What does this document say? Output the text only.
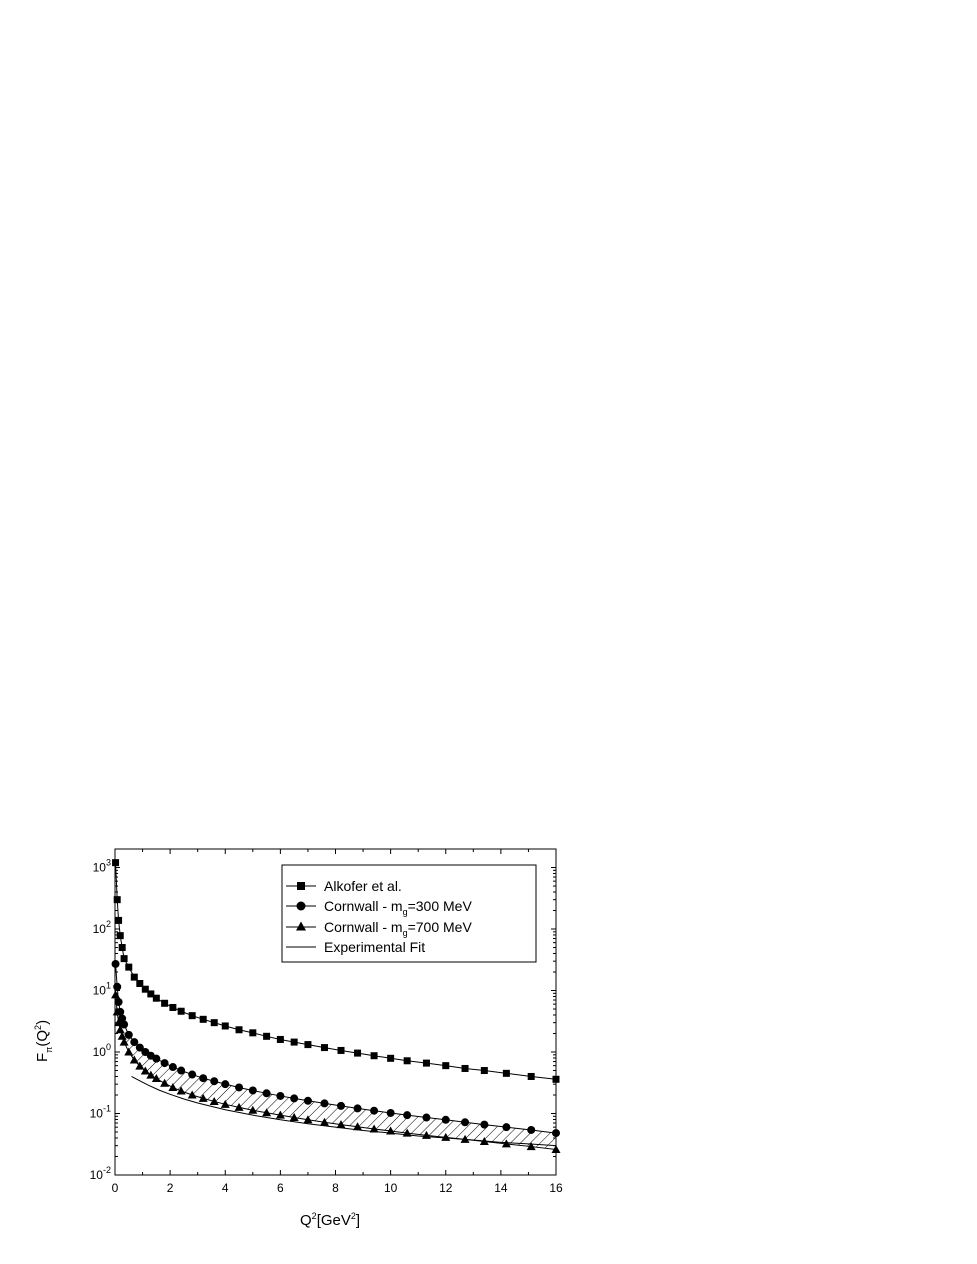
0	2	4	6	8	10	12	14	16
$10^{-2}$
$10^{-1}$
$10^0$
$10^1$
$10^2$
$10^3$
$Q^2[GeV^2]$
$F_\pi(Q^2)$
Alkofer et al.
Cornwall - $m_g=300$ MeV
Cornwall - $m_g=700$ MeV
Experimental Fit
